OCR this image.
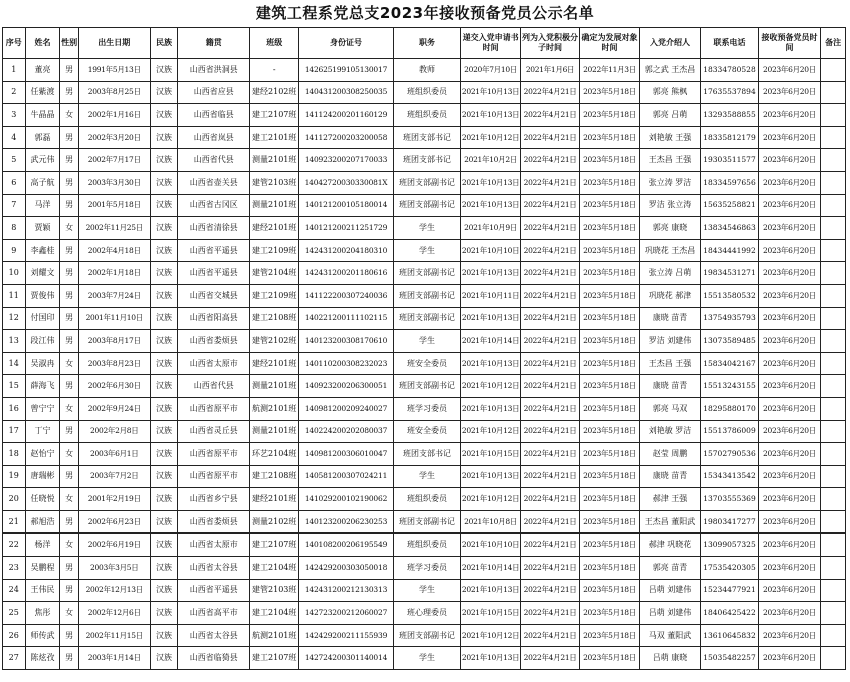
建筑工程系党总支2023年接收预备党员公示名单
序号	姓名	性别	出生日期	民族	籍贯	班级	身份证号	职务	递交入党申请书时间	列为入党积极分子时间	确定为发展对象时间	入党介绍人	联系电话	接收预备党员时间	备注
1	董亮	男	1991年5月13日	汉族	山西省洪洞县	-	142625199105130017	教师	2020年7月10日	2021年1月6日	2022年11月3日	郭之武 王杰昌	18334780528	2023年6月20日	
2	任紫渡	男	2003年8月25日	汉族	山西省应县	建经2102班	140431200308250035	班组织委员	2021年10月13日	2022年4月21日	2023年5月18日	郭亮 熊枫	17635537894	2023年6月20日	
3	牛晶晶	女	2002年1月16日	汉族	山西省临县	建工2107班	141124200201160129	班组织委员	2021年10月13日	2022年4月21日	2023年5月18日	郭亮 吕萌	13293588855	2023年6月20日	
4	郭磊	男	2002年3月20日	汉族	山西省岚县	建工2101班	141127200203200058	班团支部书记	2021年10月12日	2022年4月21日	2023年5月18日	刘艳敏 王强	18335812179	2023年6月20日	
5	武元伟	男	2002年7月17日	汉族	山西省代县	测量2101班	140923200207170033	班团支部书记	2021年10月2日	2022年4月21日	2023年5月18日	王杰昌 王强	19303511577	2023年6月20日	
6	高子航	男	2003年3月30日	汉族	山西省壶关县	建管2103班	14042720030330081X	班团支部副书记	2021年10月13日	2022年4月21日	2023年5月18日	张立涛 罗洁	18334597656	2023年6月20日	
7	马洋	男	2001年5月18日	汉族	山西省古冈区	测量2101班	140121200105180014	班团支部副书记	2021年10月13日	2022年4月21日	2023年5月18日	罗洁 张立涛	15635258821	2023年6月20日	
8	贾颖	女	2002年11月25日	汉族	山西省清徐县	建经2101班	140121200211251729	学生	2021年10月9日	2022年4月21日	2023年5月18日	郭亮 康晓	13834546863	2023年6月20日	
9	李鑫桂	男	2002年4月18日	汉族	山西省平遥县	建工2109班	142431200204180310	学生	2021年10月10日	2022年4月21日	2023年5月18日	巩晓花 王杰昌	18434441992	2023年6月20日	
10	刘耀文	男	2002年1月18日	汉族	山西省平遥县	建管2104班	142431200201180616	班团支部副书记	2021年10月13日	2022年4月21日	2023年5月18日	张立涛 吕萌	19834531271	2023年6月20日	
11	贾俊伟	男	2003年7月24日	汉族	山西省交城县	建工2109班	141122200307240036	班团支部副书记	2021年10月11日	2022年4月21日	2023年5月18日	巩晓花 郝津	15513580532	2023年6月20日	
12	付国印	男	2001年11月10日	汉族	山西省阳高县	建工2108班	140221200111102115	班团支部副书记	2021年10月13日	2022年4月21日	2023年5月18日	康晓 苗青	13754935793	2023年6月20日	
13	段江伟	男	2003年8月17日	汉族	山西省娄烦县	建管2102班	140123200308170610	学生	2021年10月14日	2022年4月21日	2023年5月18日	罗洁 刘建伟	13073589485	2023年6月20日	
14	吴淑冉	女	2003年8月23日	汉族	山西省太原市	建经2101班	140110200308232023	班安全委员	2021年10月13日	2022年4月21日	2023年5月18日	王杰昌 王强	15834042167	2023年6月20日	
15	薛海飞	男	2002年6月30日	汉族	山西省代县	测量2101班	140923200206300051	班团支部副书记	2021年10月12日	2022年4月21日	2023年5月18日	康晓 苗青	15513243155	2023年6月20日	
16	曾宁宁	女	2002年9月24日	汉族	山西省原平市	航测2101班	140981200209240027	班学习委员	2021年10月13日	2022年4月21日	2023年5月18日	郭亮 马双	18295880170	2023年6月20日	
17	丁宁	男	2002年2月8日	汉族	山西省灵丘县	测量2101班	140224200202080037	班安全委员	2021年10月12日	2022年4月21日	2023年5月18日	刘艳敏 罗洁	15513786009	2023年6月20日	
18	赵怡宁	女	2003年6月1日	汉族	山西省原平市	环艺2104班	140981200306010047	班团支部书记	2021年10月15日	2022年4月21日	2023年5月18日	赵莹 周鹏	15702790536	2023年6月20日	
19	唐瑞彬	男	2003年7月2日	汉族	山西省原平市	建工2108班	140581200307024211	学生	2021年10月13日	2022年4月21日	2023年5月18日	康晓 苗青	15343413542	2023年6月20日	
20	任晓悦	女	2001年2月19日	汉族	山西省乡宁县	建经2101班	141029200102190062	班组织委员	2021年10月12日	2022年4月21日	2023年5月18日	郝津 王强	13703555369	2023年6月20日	
21	郝旭浩	男	2002年6月23日	汉族	山西省娄烦县	测量2102班	140123200206230253	班团支部副书记	2021年10月8日	2022年4月21日	2023年5月18日	王杰昌 董阳武	19803417277	2023年6月20日	
22	杨洋	女	2002年6月19日	汉族	山西省太原市	建工2107班	140108200206195549	班组织委员	2021年10月10日	2022年4月21日	2023年5月18日	郝津 巩晓花	13099057325	2023年6月20日	
23	吴鹏程	男	2003年3月5日	汉族	山西省太谷县	建工2104班	142429200303050018	班学习委员	2021年10月14日	2022年4月21日	2023年5月18日	郭亮 苗青	17535420305	2023年6月20日	
24	王伟民	男	2002年12月13日	汉族	山西省平遥县	建管2103班	142431200212130313	学生	2021年10月13日	2022年4月21日	2023年5月18日	吕萌 刘建伟	15234477921	2023年6月20日	
25	焦彤	女	2002年12月6日	汉族	山西省高平市	建工2104班	142723200212060027	班心理委员	2021年10月15日	2022年4月21日	2023年5月18日	吕萌 刘建伟	18406425422	2023年6月20日	
26	师传武	男	2002年11月15日	汉族	山西省太谷县	航测2101班	142429200211155939	班团支部副书记	2021年10月12日	2022年4月21日	2023年5月18日	马双 董阳武	13610645832	2023年6月20日	
27	陈炫孜	男	2003年1月14日	汉族	山西省临猗县	建工2107班	142724200301140014	学生	2021年10月13日	2022年4月21日	2023年5月18日	吕萌 康晓	15035482257	2023年6月20日	
